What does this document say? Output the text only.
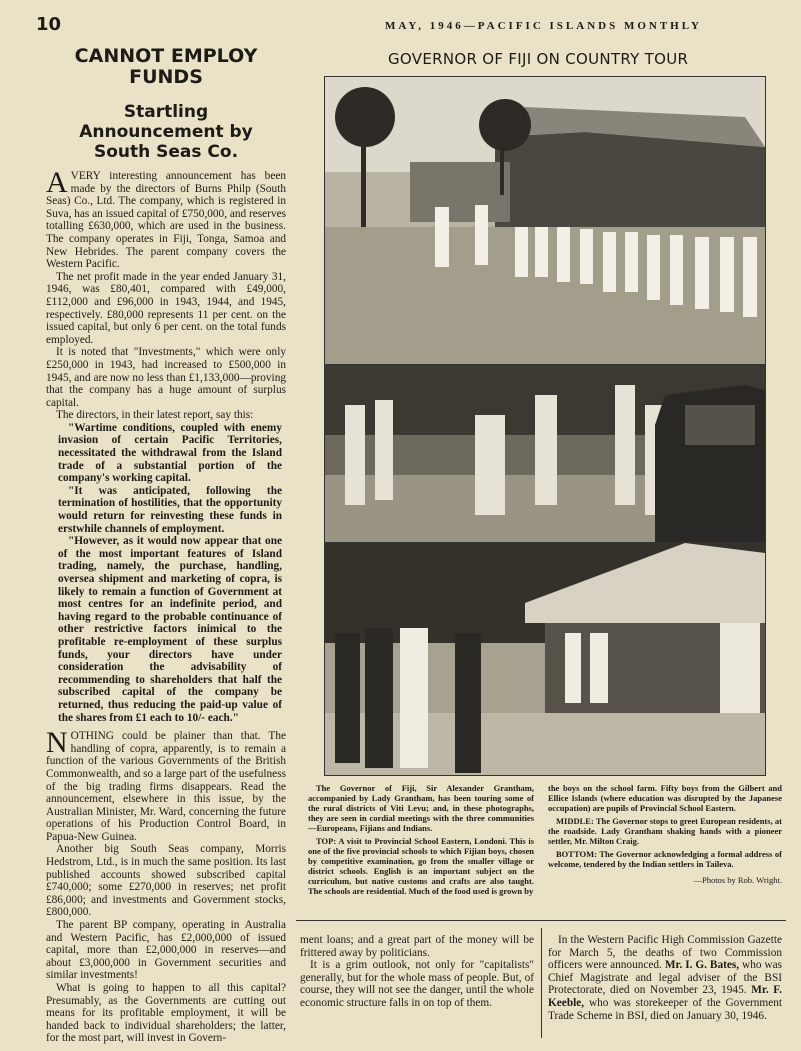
10	MAY, 1946—PACIFIC ISLANDS MONTHLY
CANNOT EMPLOY FUNDS
Startling Announcement by South Seas Co.

AVERY interesting announcement has been made by the directors of Burns Philp (South Seas) Co., Ltd. The company, which is registered in Suva, has an issued capital of £750,000, and reserves totalling £630,000, which are used in the business. The company operates in Fiji, Tonga, Samoa and New Hebrides. The parent company covers the Western Pacific.

The net profit made in the year ended January 31, 1946, was £80,401, compared with £49,000, £112,000 and £96,000 in 1943, 1944, and 1945, respectively. £80,000 represents 11 per cent. on the issued capital, but only 6 per cent. on the total funds employed.

It is noted that "Investments," which were only £250,000 in 1943, had increased to £500,000 in 1945, and are now no less than £1,133,000—proving that the company has a huge amount of surplus capital.

The directors, in their latest report, say this:

"Wartime conditions, coupled with enemy invasion of certain Pacific Territories, necessitated the withdrawal from the Island trade of a substantial portion of the company's working capital.

"It was anticipated, following the termination of hostilities, that the opportunity would return for reinvesting these funds in erstwhile channels of employment.

"However, as it would now appear that one of the most important features of Island trading, namely, the purchase, handling, oversea shipment and marketing of copra, is likely to remain a function of Government at most centres for an indefinite period, and having regard to the probable continuance of other restrictive factors inimical to the profitable re-employment of these surplus funds, your directors have under consideration the advisability of recommending to shareholders that half the subscribed capital of the company be returned, thus reducing the paid-up value of the shares from £1 each to 10/- each."

NOTHING could be plainer than that. The handling of copra, apparently, is to remain a function of the various Governments of the British Commonwealth, and so a large part of the usefulness of the big trading firms disappears. Read the announcement, elsewhere in this issue, by the Australian Minister, Mr. Ward, concerning the future operations of his Production Control Board, in Papua-New Guinea.

Another big South Seas company, Morris Hedstrom, Ltd., is in much the same position. Its last published accounts showed subscribed capital £740,000; some £270,000 in reserves; net profit £86,000; and investments and Government stocks, £800,000.

The parent BP company, operating in Australia and Western Pacific, has £2,000,000 of issued capital, more than £2,000,000 in reserves—and about £3,000,000 in Government securities and similar investments!

What is going to happen to all this capital? Presumably, as the Governments are cutting out means for its profitable employment, it will be handed back to individual shareholders; the latter, for the most part, will invest in Govern-

GOVERNOR OF FIJI ON COUNTRY TOUR

The Governor of Fiji, Sir Alexander Grantham, accompanied by Lady Grantham, has been touring some of the rural districts of Viti Levu; and, in these photographs, they are seen in cordial meetings with the three communities—Europeans, Fijians and Indians.

TOP: A visit to Provincial School Eastern, Londoni. This is one of the five provincial schools to which Fijian boys, chosen by competitive examination, go from the smaller village or district schools. English is an important subject on the curriculum, but native customs and crafts are also taught. The schools are residential. Much of the food used is grown by

the boys on the school farm. Fifty boys from the Gilbert and Ellice Islands (where education was disrupted by the Japanese occupation) are pupils of Provincial School Eastern.

MIDDLE: The Governor stops to greet European residents, at the roadside. Lady Grantham shaking hands with a pioneer settler, Mr. Milton Craig.

BOTTOM: The Governor acknowledging a formal address of welcome, tendered by the Indian settlers in Taileva.

—Photos by Rob. Wright.

ment loans; and a great part of the money will be frittered away by politicians.

It is a grim outlook, not only for "capitalists" generally, but for the whole mass of people. But, of course, they will not see the danger, until the whole economic structure falls in on top of them.

In the Western Pacific High Commission Gazette for March 5, the deaths of two Commission officers were announced. Mr. I. G. Bates, who was Chief Magistrate and legal adviser of the BSI Protectorate, died on November 23, 1945. Mr. F. Keeble, who was storekeeper of the Government Trade Scheme in BSI, died on January 30, 1946.
